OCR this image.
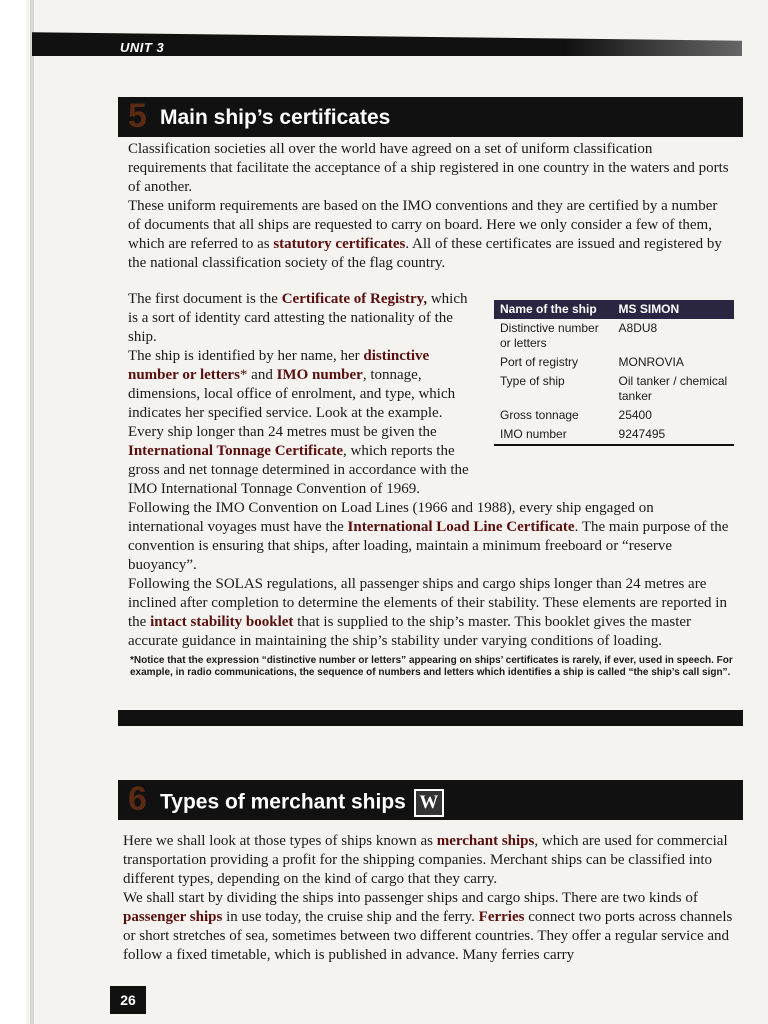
UNIT 3
5 Main ship’s certificates

Classification societies all over the world have agreed on a set of uniform classification requirements that facilitate the acceptance of a ship registered in one country in the waters and ports of another.

These uniform requirements are based on the IMO conventions and they are certified by a number of documents that all ships are requested to carry on board. Here we only consider a few of them, which are referred to as statutory certificates. All of these certificates are issued and registered by the national classification society of the flag country.

The first document is the Certificate of Registry, which is a sort of identity card attesting the nationality of the ship.

The ship is identified by her name, her distinctive number or letters* and IMO number, tonnage, dimensions, local office of enrolment, and type, which indicates her specified service. Look at the example.

Every ship longer than 24 metres must be given the International Tonnage Certificate, which reports the gross and net tonnage determined in accordance with the IMO International Tonnage Convention of 1969.

Name of the ship	MS SIMON
Distinctive number or letters	A8DU8
Port of registry	MONROVIA
Type of ship	Oil tanker / chemical tanker
Gross tonnage	25400
IMO number	9247495

Following the IMO Convention on Load Lines (1966 and 1988), every ship engaged on international voyages must have the International Load Line Certificate. The main purpose of the convention is ensuring that ships, after loading, maintain a minimum freeboard or “reserve buoyancy”.

Following the SOLAS regulations, all passenger ships and cargo ships longer than 24 metres are inclined after completion to determine the elements of their stability. These elements are reported in the intact stability booklet that is supplied to the ship’s master. This booklet gives the master accurate guidance in maintaining the ship’s stability under varying conditions of loading.

*Notice that the expression “distinctive number or letters” appearing on ships’ certificates is rarely, if ever, used in speech. For example, in radio communications, the sequence of numbers and letters which identifies a ship is called “the ship’s call sign”.
6 Types of merchant ships W

Here we shall look at those types of ships known as merchant ships, which are used for commercial transportation providing a profit for the shipping companies. Merchant ships can be classified into different types, depending on the kind of cargo that they carry.

We shall start by dividing the ships into passenger ships and cargo ships. There are two kinds of passenger ships in use today, the cruise ship and the ferry. Ferries connect two ports across channels or short stretches of sea, sometimes between two different countries. They offer a regular service and follow a fixed timetable, which is published in advance. Many ferries carry

26
